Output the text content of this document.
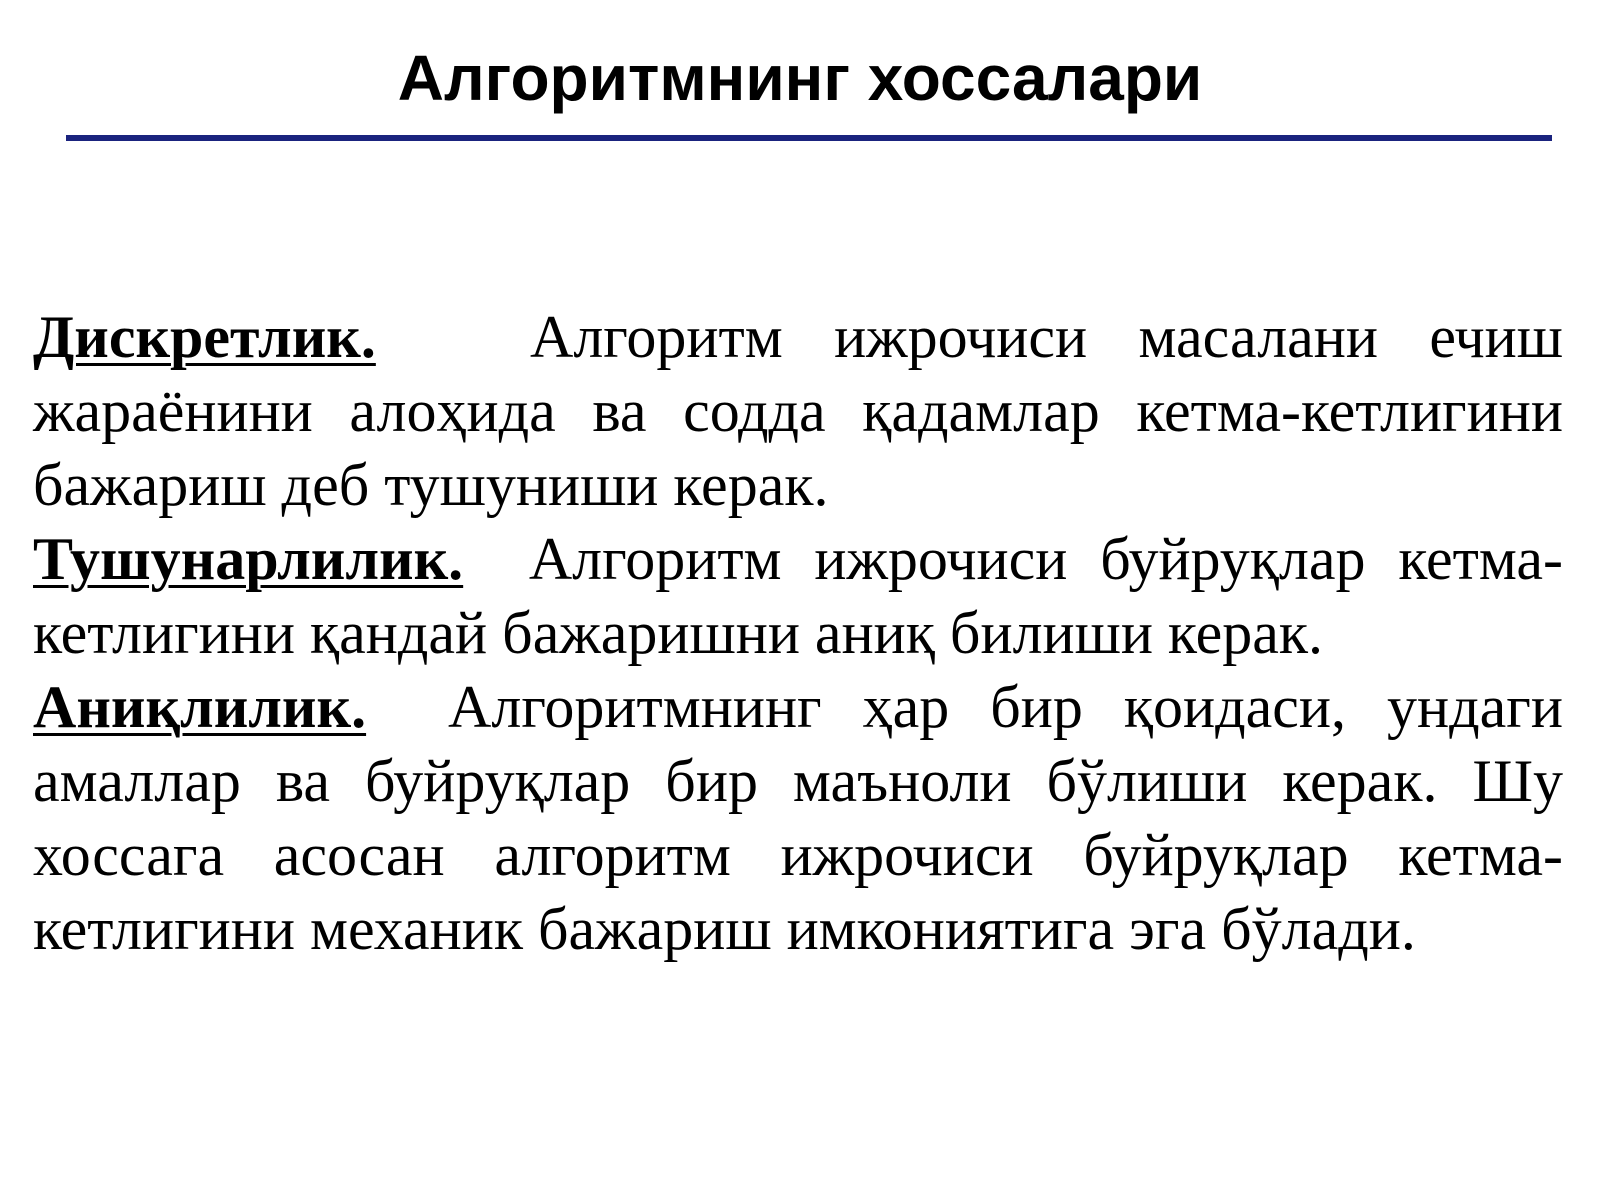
Алгоритмнинг хоссалари

Дискретлик.	Алгоритм ижрочиси масалани ечиш жараёнини алоҳида ва содда қадамлар кетма-кетлигини бажариш деб тушуниши керак.

Тушунарлилик. Алгоритм ижрочиси буйруқлар кетма-кетлигини қандай бажаришни аниқ билиши керак.

Аниқлилик. Алгоритмнинг ҳар бир қоидаси, ундаги амаллар ва буйруқлар бир маъноли бўлиши керак. Шу хоссага асосан алгоритм ижрочиси буйруқлар кетма-кетлигини механик бажариш имкониятига эга бўлади.
